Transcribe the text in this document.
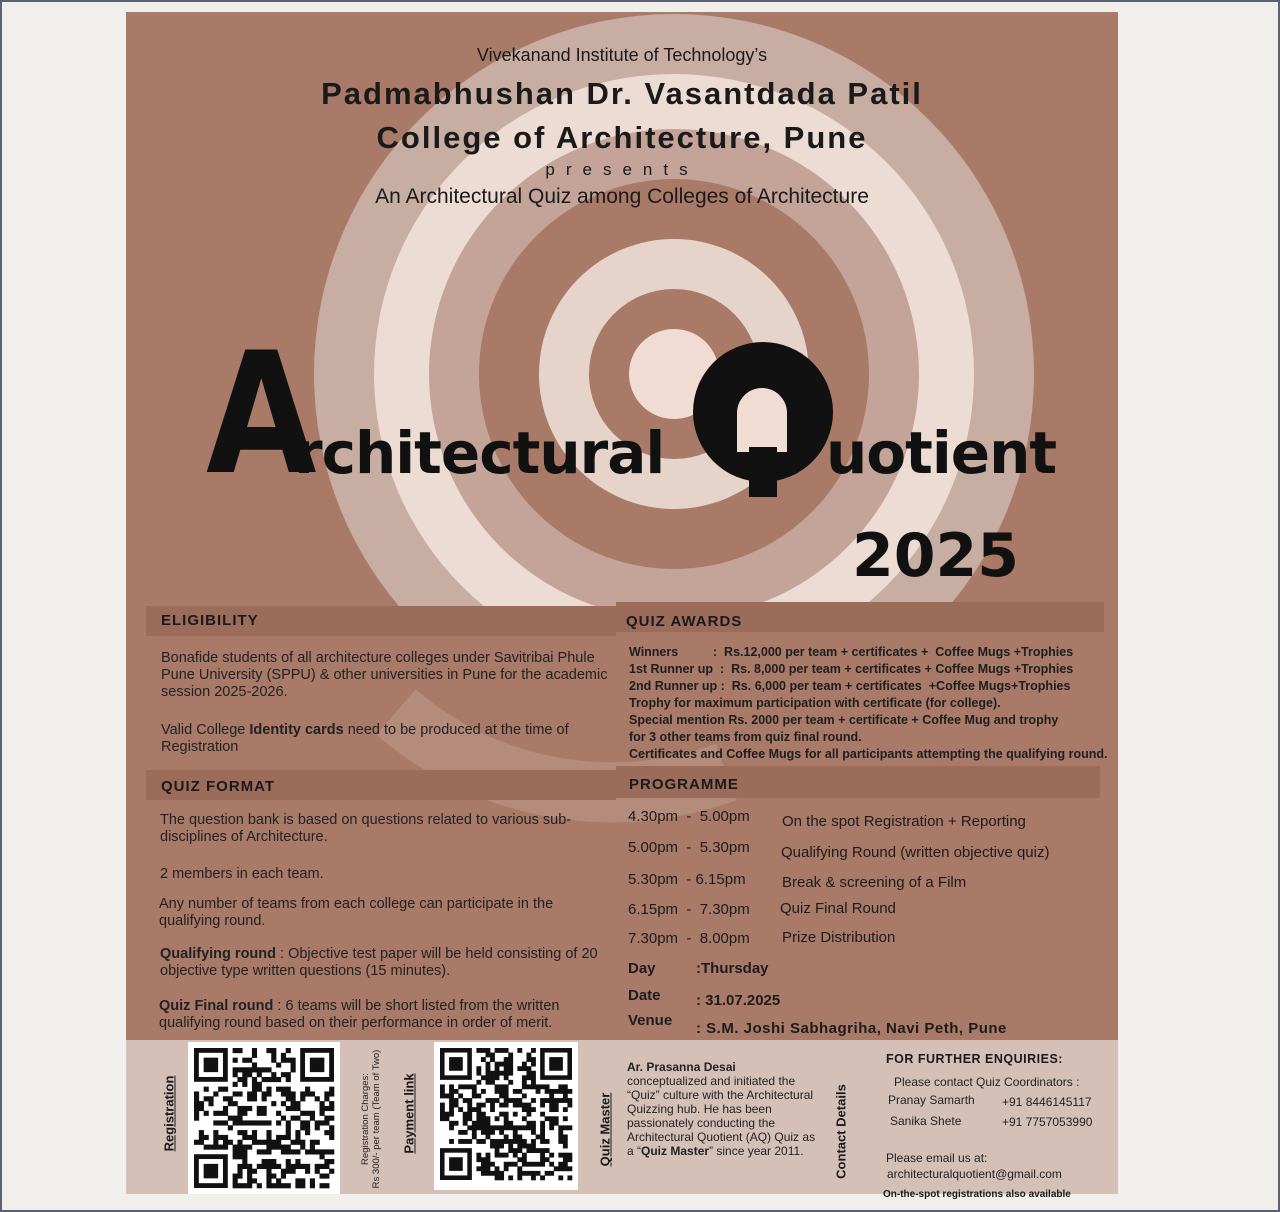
Vivekanand Institute of Technology’s
Padmabhushan Dr. Vasantdada Patil
College of Architecture, Pune
presents
An Architectural Quiz among Colleges of Architecture
A
rchitectural	uotient
2025
ELIGIBILITY
Bonafide students of all architecture colleges under Savitribai Phule Pune University (SPPU) & other universities in Pune for the academic session 2025-2026.
Valid College Identity cards need to be produced at the time of Registration
QUIZ AWARDS
Winners          :  Rs.12,000 per team + certificates +  Coffee Mugs +Trophies
1st Runner up  :  Rs. 8,000 per team + certificates + Coffee Mugs +Trophies
2nd Runner up :  Rs. 6,000 per team + certificates  +Coffee Mugs+Trophies
Trophy for maximum participation with certificate (for college).
Special mention Rs. 2000 per team + certificate + Coffee Mug and trophy
for 3 other teams from quiz final round.
Certificates and Coffee Mugs for all participants attempting the qualifying round.
QUIZ FORMAT
The question bank is based on questions related to various sub-disciplines of Architecture.
2 members in each team.
Any number of teams from each college can participate in the qualifying round.
Qualifying round : Objective test paper will be held consisting of 20 objective type written questions (15 minutes).
Quiz Final round : 6 teams will be short listed from the written qualifying round based on their performance in order of merit.
PROGRAMME
4.30pm  -  5.00pm On the spot Registration + Reporting
5.00pm  -  5.30pm Qualifying Round (written objective quiz)
5.30pm  - 6.15pm Break & screening of a Film
6.15pm  -  7.30pm Quiz Final Round
7.30pm  -  8.00pm Prize Distribution
Day	:Thursday
Date : 31.07.2025
Venue : S.M. Joshi Sabhagriha, Navi Peth, Pune
Registration	Registration Charges: Rs 300/- per team (Team of Two) Payment link	Quiz Master
Ar. Prasanna Desai
conceptualized and initiated the “Quiz” culture with the Architectural Quizzing hub. He has been passionately conducting the Architectural Quotient (AQ) Quiz as a “Quiz Master” since year 2011.	Contact Details
FOR FURTHER ENQUIRIES:
Please contact Quiz Coordinators :
Pranay Samarth +91 8446145117
Sanika Shete	+91 7757053990
Please email us at:
architecturalquotient@gmail.com
On-the-spot registrations also available
